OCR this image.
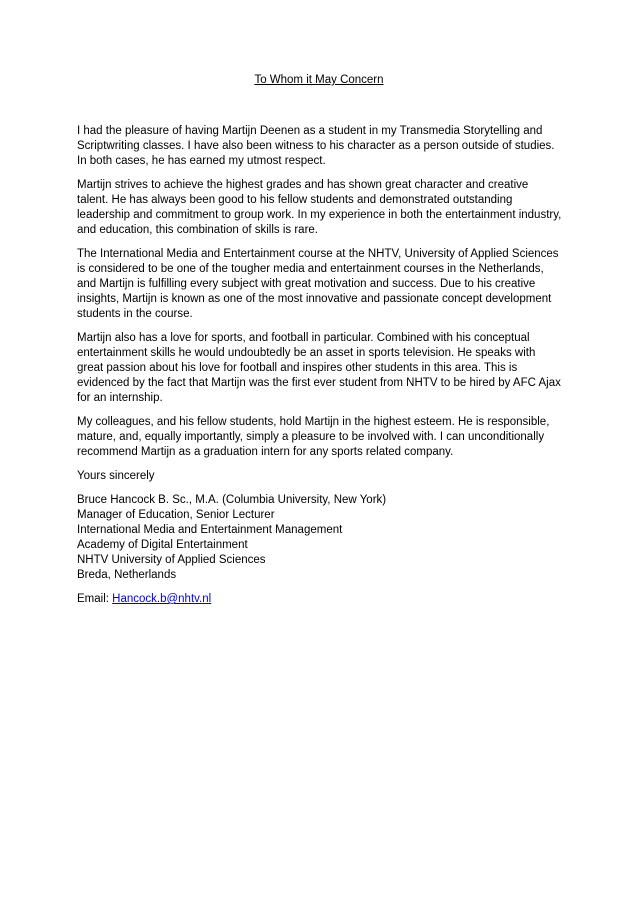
To Whom it May Concern

I had the pleasure of having Martijn Deenen as a student in my Transmedia Storytelling and Scriptwriting classes. I have also been witness to his character as a person outside of studies. In both cases, he has earned my utmost respect.

Martijn strives to achieve the highest grades and has shown great character and creative talent. He has always been good to his fellow students and demonstrated outstanding leadership and commitment to group work. In my experience in both the entertainment industry, and education, this combination of skills is rare.

The International Media and Entertainment course at the NHTV, University of Applied Sciences is considered to be one of the tougher media and entertainment courses in the Netherlands, and Martijn is fulfilling every subject with great motivation and success. Due to his creative insights, Martijn is known as one of the most innovative and passionate concept development students in the course.

Martijn also has a love for sports, and football in particular. Combined with his conceptual entertainment skills he would undoubtedly be an asset in sports television. He speaks with great passion about his love for football and inspires other students in this area. This is evidenced by the fact that Martijn was the first ever student from NHTV to be hired by AFC Ajax for an internship.

My colleagues, and his fellow students, hold Martijn in the highest esteem. He is responsible, mature, and, equally importantly, simply a pleasure to be involved with. I can unconditionally recommend Martijn as a graduation intern for any sports related company.

Yours sincerely

Bruce Hancock B. Sc., M.A. (Columbia University, New York)
Manager of Education, Senior Lecturer
International Media and Entertainment Management
Academy of Digital Entertainment
NHTV University of Applied Sciences
Breda, Netherlands
Email: Hancock.b@nhtv.nl
